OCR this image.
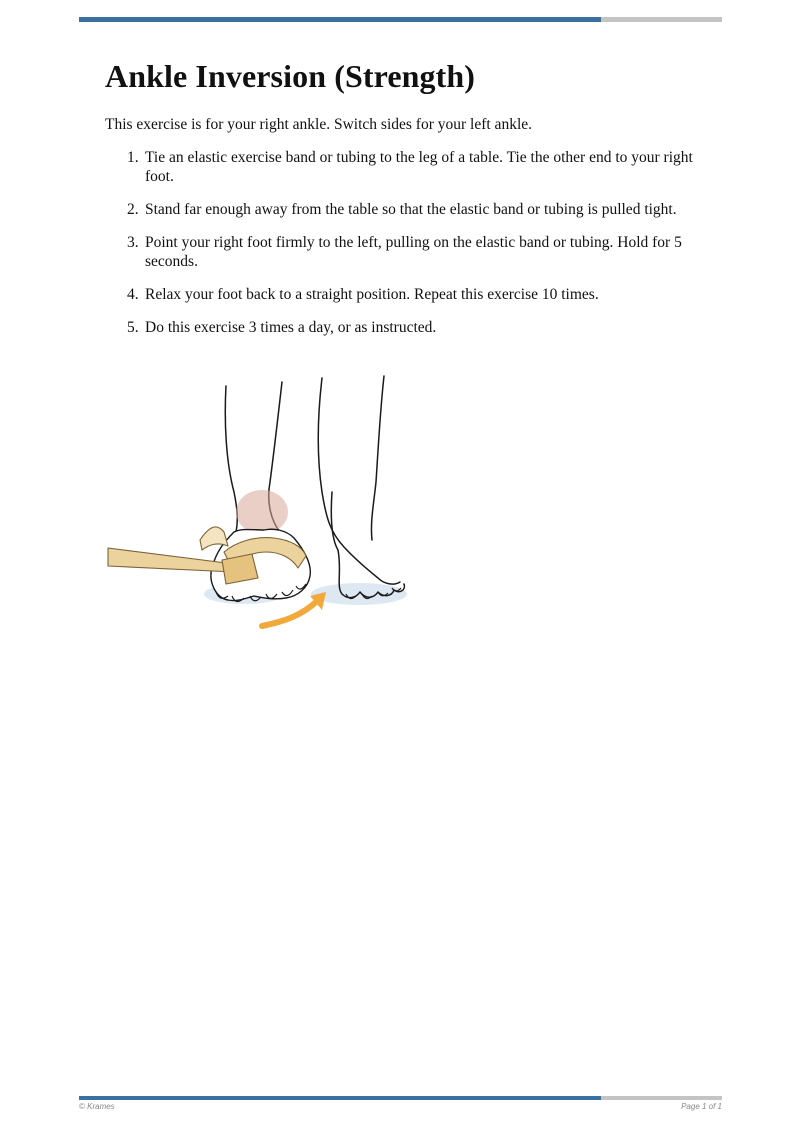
Ankle Inversion (Strength)

This exercise is for your right ankle. Switch sides for your left ankle.

1. Tie an elastic exercise band or tubing to the leg of a table. Tie the other end to your right foot.
2. Stand far enough away from the table so that the elastic band or tubing is pulled tight.
3. Point your right foot firmly to the left, pulling on the elastic band or tubing. Hold for 5 seconds.
4. Relax your foot back to a straight position. Repeat this exercise 10 times.
5. Do this exercise 3 times a day, or as instructed.
© Krames	Page 1 of 1
